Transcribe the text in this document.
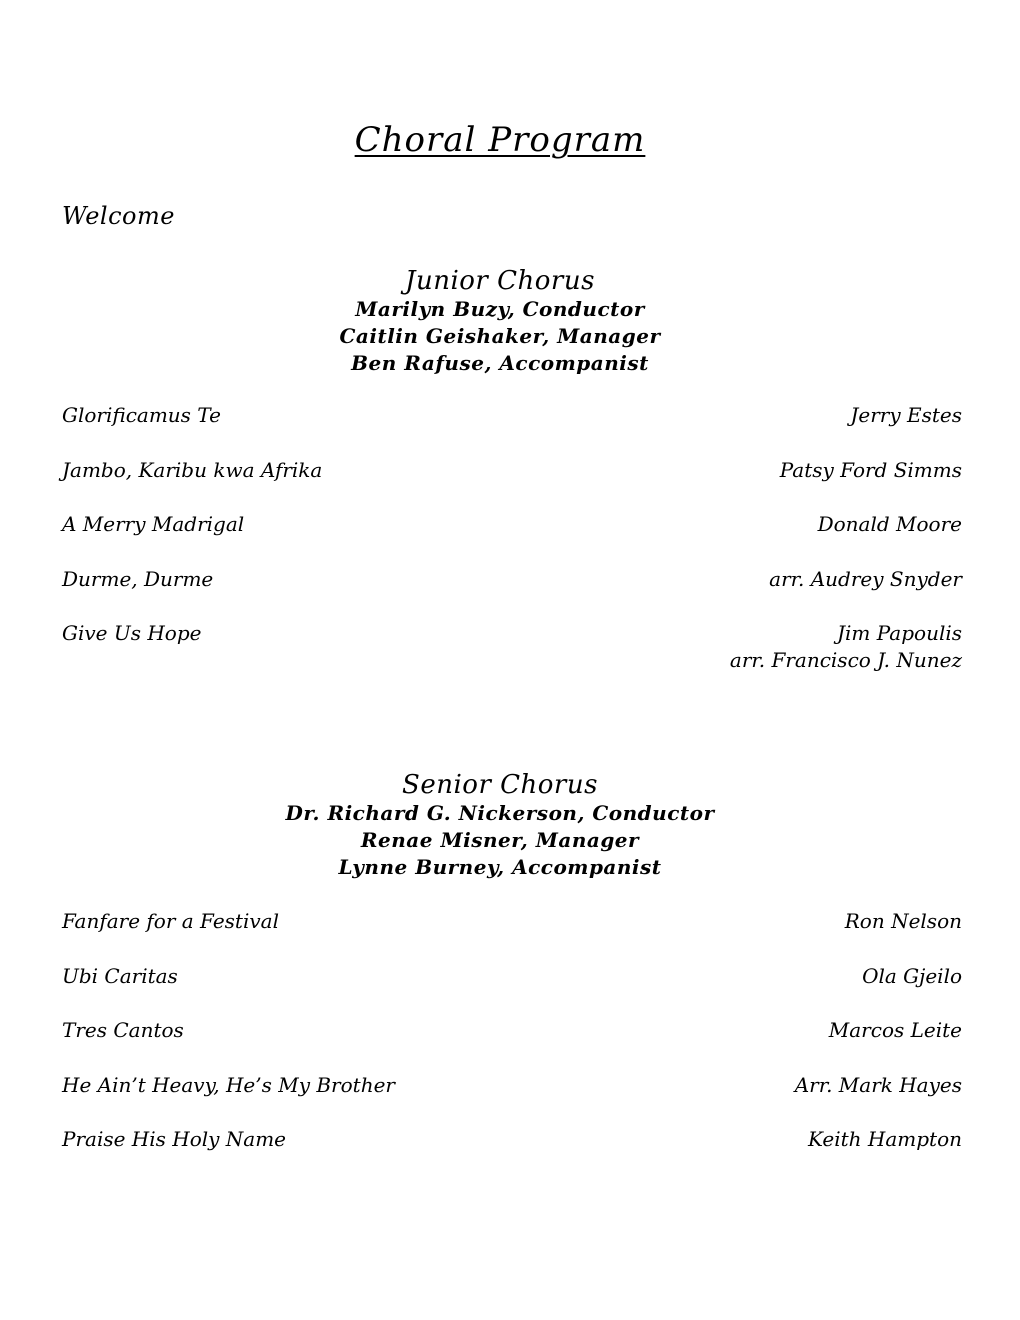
Choral Program
Welcome
Junior Chorus
Marilyn Buzy, Conductor
Caitlin Geishaker, Manager
Ben Rafuse, Accompanist
Glorificamus Te	Jerry Estes
Jambo, Karibu kwa Afrika	Patsy Ford Simms
A Merry Madrigal	Donald Moore
Durme, Durme	arr. Audrey Snyder
Give Us Hope	Jim Papoulis
arr. Francisco J. Nunez
Senior Chorus
Dr. Richard G. Nickerson, Conductor
Renae Misner, Manager
Lynne Burney, Accompanist
Fanfare for a Festival	Ron Nelson
Ubi Caritas	Ola Gjeilo
Tres Cantos	Marcos Leite
He Ain’t Heavy, He’s My Brother	Arr. Mark Hayes
Praise His Holy Name	Keith Hampton
